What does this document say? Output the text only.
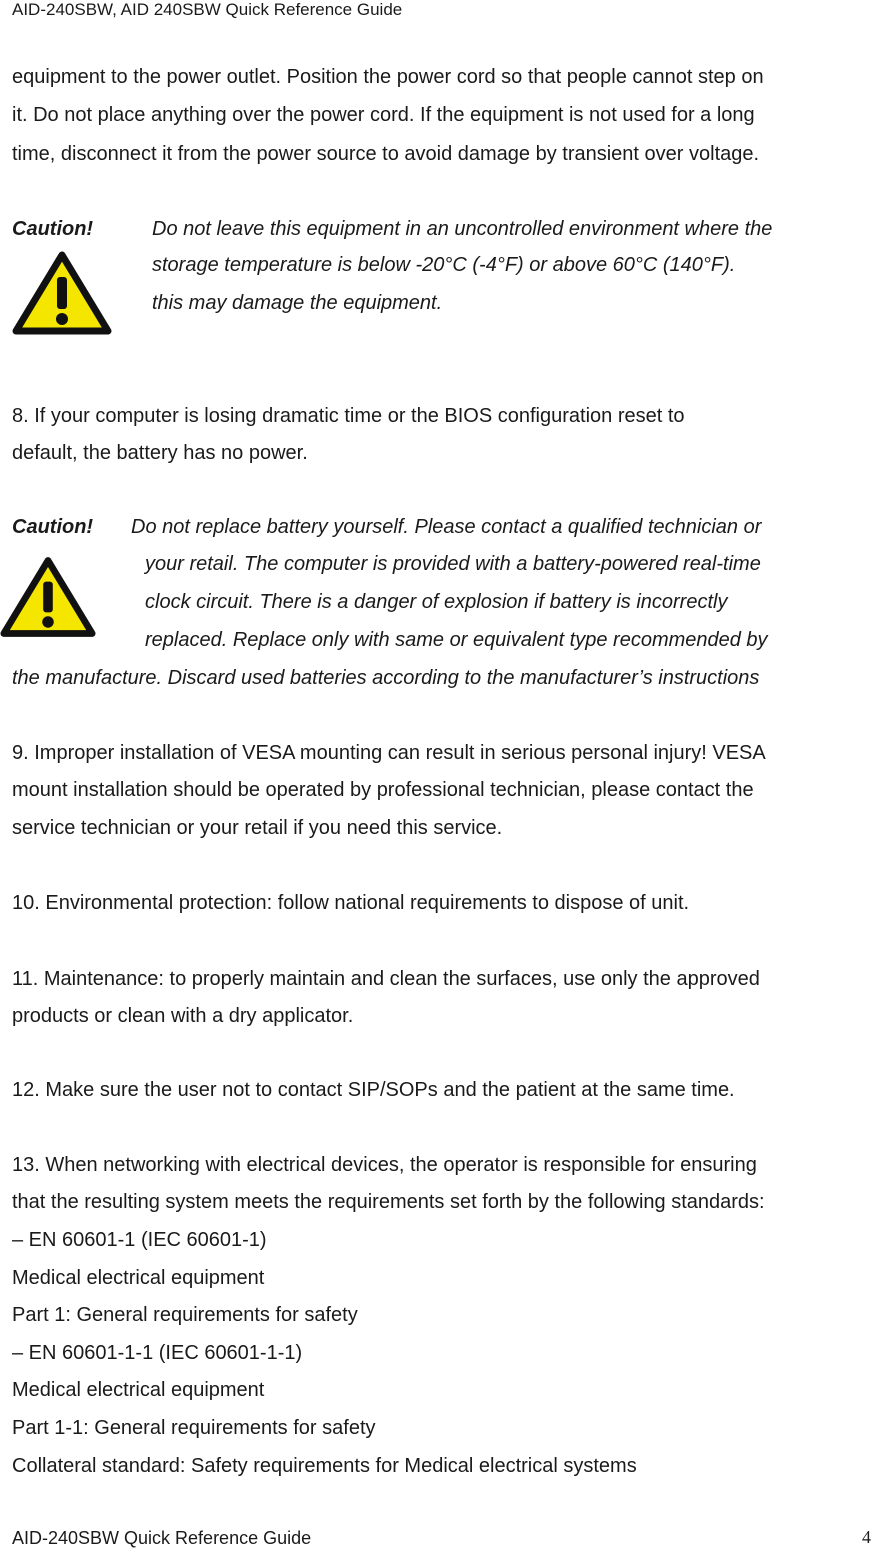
AID-240SBW, AID 240SBW Quick Reference Guide
equipment to the power outlet. Position the power cord so that people cannot step on
it. Do not place anything over the power cord. If the equipment is not used for a long
time, disconnect it from the power source to avoid damage by transient over voltage.
Caution!	Do not leave this equipment in an uncontrolled environment where the
storage temperature is below -20°C (-4°F) or above 60°C (140°F).
this may damage the equipment.
8. If your computer is losing dramatic time or the BIOS configuration reset to
default, the battery has no power.
Caution! Do not replace battery yourself. Please contact a qualified technician or
your retail. The computer is provided with a battery-powered real-time
clock circuit. There is a danger of explosion if battery is incorrectly
replaced. Replace only with same or equivalent type recommended by
the manufacture. Discard used batteries according to the manufacturer’s instructions
9. Improper installation of VESA mounting can result in serious personal injury! VESA
mount installation should be operated by professional technician, please contact the
service technician or your retail if you need this service.
10. Environmental protection: follow national requirements to dispose of unit.
11. Maintenance: to properly maintain and clean the surfaces, use only the approved
products or clean with a dry applicator.
12. Make sure the user not to contact SIP/SOPs and the patient at the same time.
13. When networking with electrical devices, the operator is responsible for ensuring
that the resulting system meets the requirements set forth by the following standards:
– EN 60601-1 (IEC 60601-1)
Medical electrical equipment
Part 1: General requirements for safety
– EN 60601-1-1 (IEC 60601-1-1)
Medical electrical equipment
Part 1-1: General requirements for safety
Collateral standard: Safety requirements for Medical electrical systems
AID-240SBW Quick Reference Guide	4
